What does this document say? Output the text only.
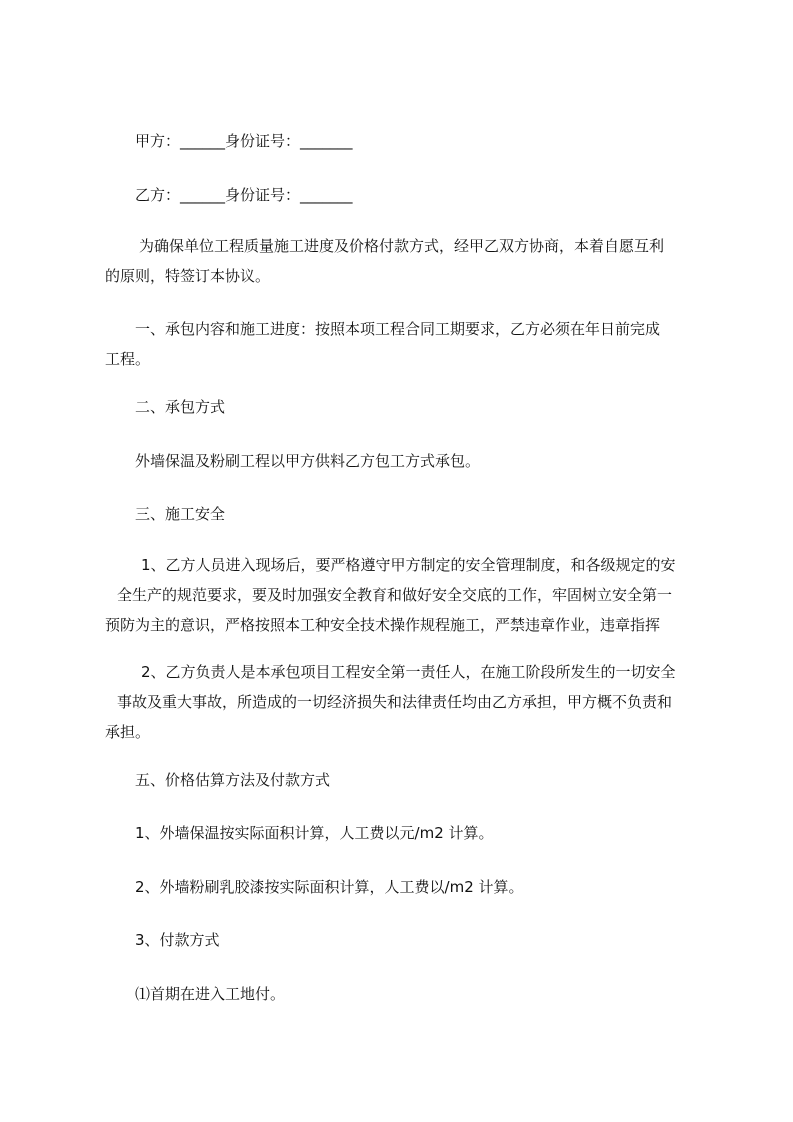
甲方：______身份证号：_______
乙方：______身份证号：_______
为确保单位工程质量施工进度及价格付款方式，经甲乙双方协商，本着自愿互利
的原则，特签订本协议。
一、承包内容和施工进度：按照本项工程合同工期要求，乙方必须在年日前完成
工程。
二、承包方式
外墙保温及粉刷工程以甲方供料乙方包工方式承包。
三、施工安全
1、乙方人员进入现场后，要严格遵守甲方制定的安全管理制度，和各级规定的安
全生产的规范要求，要及时加强安全教育和做好安全交底的工作，牢固树立安全第一
预防为主的意识，严格按照本工种安全技术操作规程施工，严禁违章作业，违章指挥
2、乙方负责人是本承包项目工程安全第一责任人，在施工阶段所发生的一切安全
事故及重大事故，所造成的一切经济损失和法律责任均由乙方承担，甲方概不负责和
承担。
五、价格估算方法及付款方式
1、外墙保温按实际面积计算，人工费以元/m2 计算。
2、外墙粉刷乳胶漆按实际面积计算，人工费以/m2 计算。
3、付款方式
⑴首期在进入工地付。
